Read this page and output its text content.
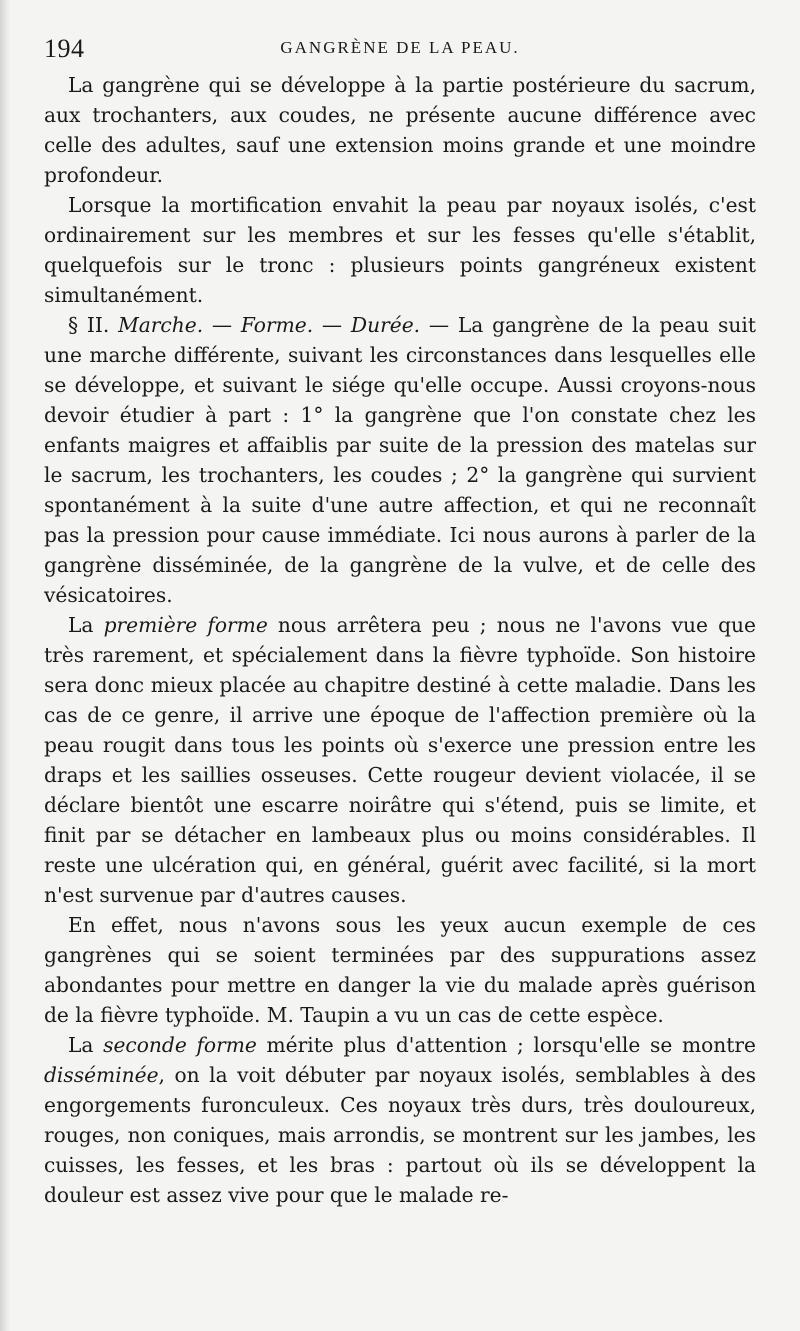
194	GANGRÈNE DE LA PEAU.

La gangrène qui se développe à la partie postérieure du sacrum, aux trochanters, aux coudes, ne présente aucune différence avec celle des adultes, sauf une extension moins grande et une moindre profondeur.

Lorsque la mortification envahit la peau par noyaux isolés, c'est ordinairement sur les membres et sur les fesses qu'elle s'établit, quelquefois sur le tronc : plusieurs points gangréneux existent simultanément.

§ II. Marche. — Forme. — Durée. — La gangrène de la peau suit une marche différente, suivant les circonstances dans lesquelles elle se développe, et suivant le siége qu'elle occupe. Aussi croyons-nous devoir étudier à part : 1° la gangrène que l'on constate chez les enfants maigres et affaiblis par suite de la pression des matelas sur le sacrum, les trochanters, les coudes ; 2° la gangrène qui survient spontanément à la suite d'une autre affection, et qui ne reconnaît pas la pression pour cause immédiate. Ici nous aurons à parler de la gangrène disséminée, de la gangrène de la vulve, et de celle des vésicatoires.

La première forme nous arrêtera peu ; nous ne l'avons vue que très rarement, et spécialement dans la fièvre typhoïde. Son histoire sera donc mieux placée au chapitre destiné à cette maladie. Dans les cas de ce genre, il arrive une époque de l'affection première où la peau rougit dans tous les points où s'exerce une pression entre les draps et les saillies osseuses. Cette rougeur devient violacée, il se déclare bientôt une escarre noirâtre qui s'étend, puis se limite, et finit par se détacher en lambeaux plus ou moins considérables. Il reste une ulcération qui, en général, guérit avec facilité, si la mort n'est survenue par d'autres causes.

En effet, nous n'avons sous les yeux aucun exemple de ces gangrènes qui se soient terminées par des suppurations assez abondantes pour mettre en danger la vie du malade après guérison de la fièvre typhoïde. M. Taupin a vu un cas de cette espèce.

La seconde forme mérite plus d'attention ; lorsqu'elle se montre disséminée, on la voit débuter par noyaux isolés, semblables à des engorgements furonculeux. Ces noyaux très durs, très douloureux, rouges, non coniques, mais arrondis, se montrent sur les jambes, les cuisses, les fesses, et les bras : partout où ils se développent la douleur est assez vive pour que le malade re-
